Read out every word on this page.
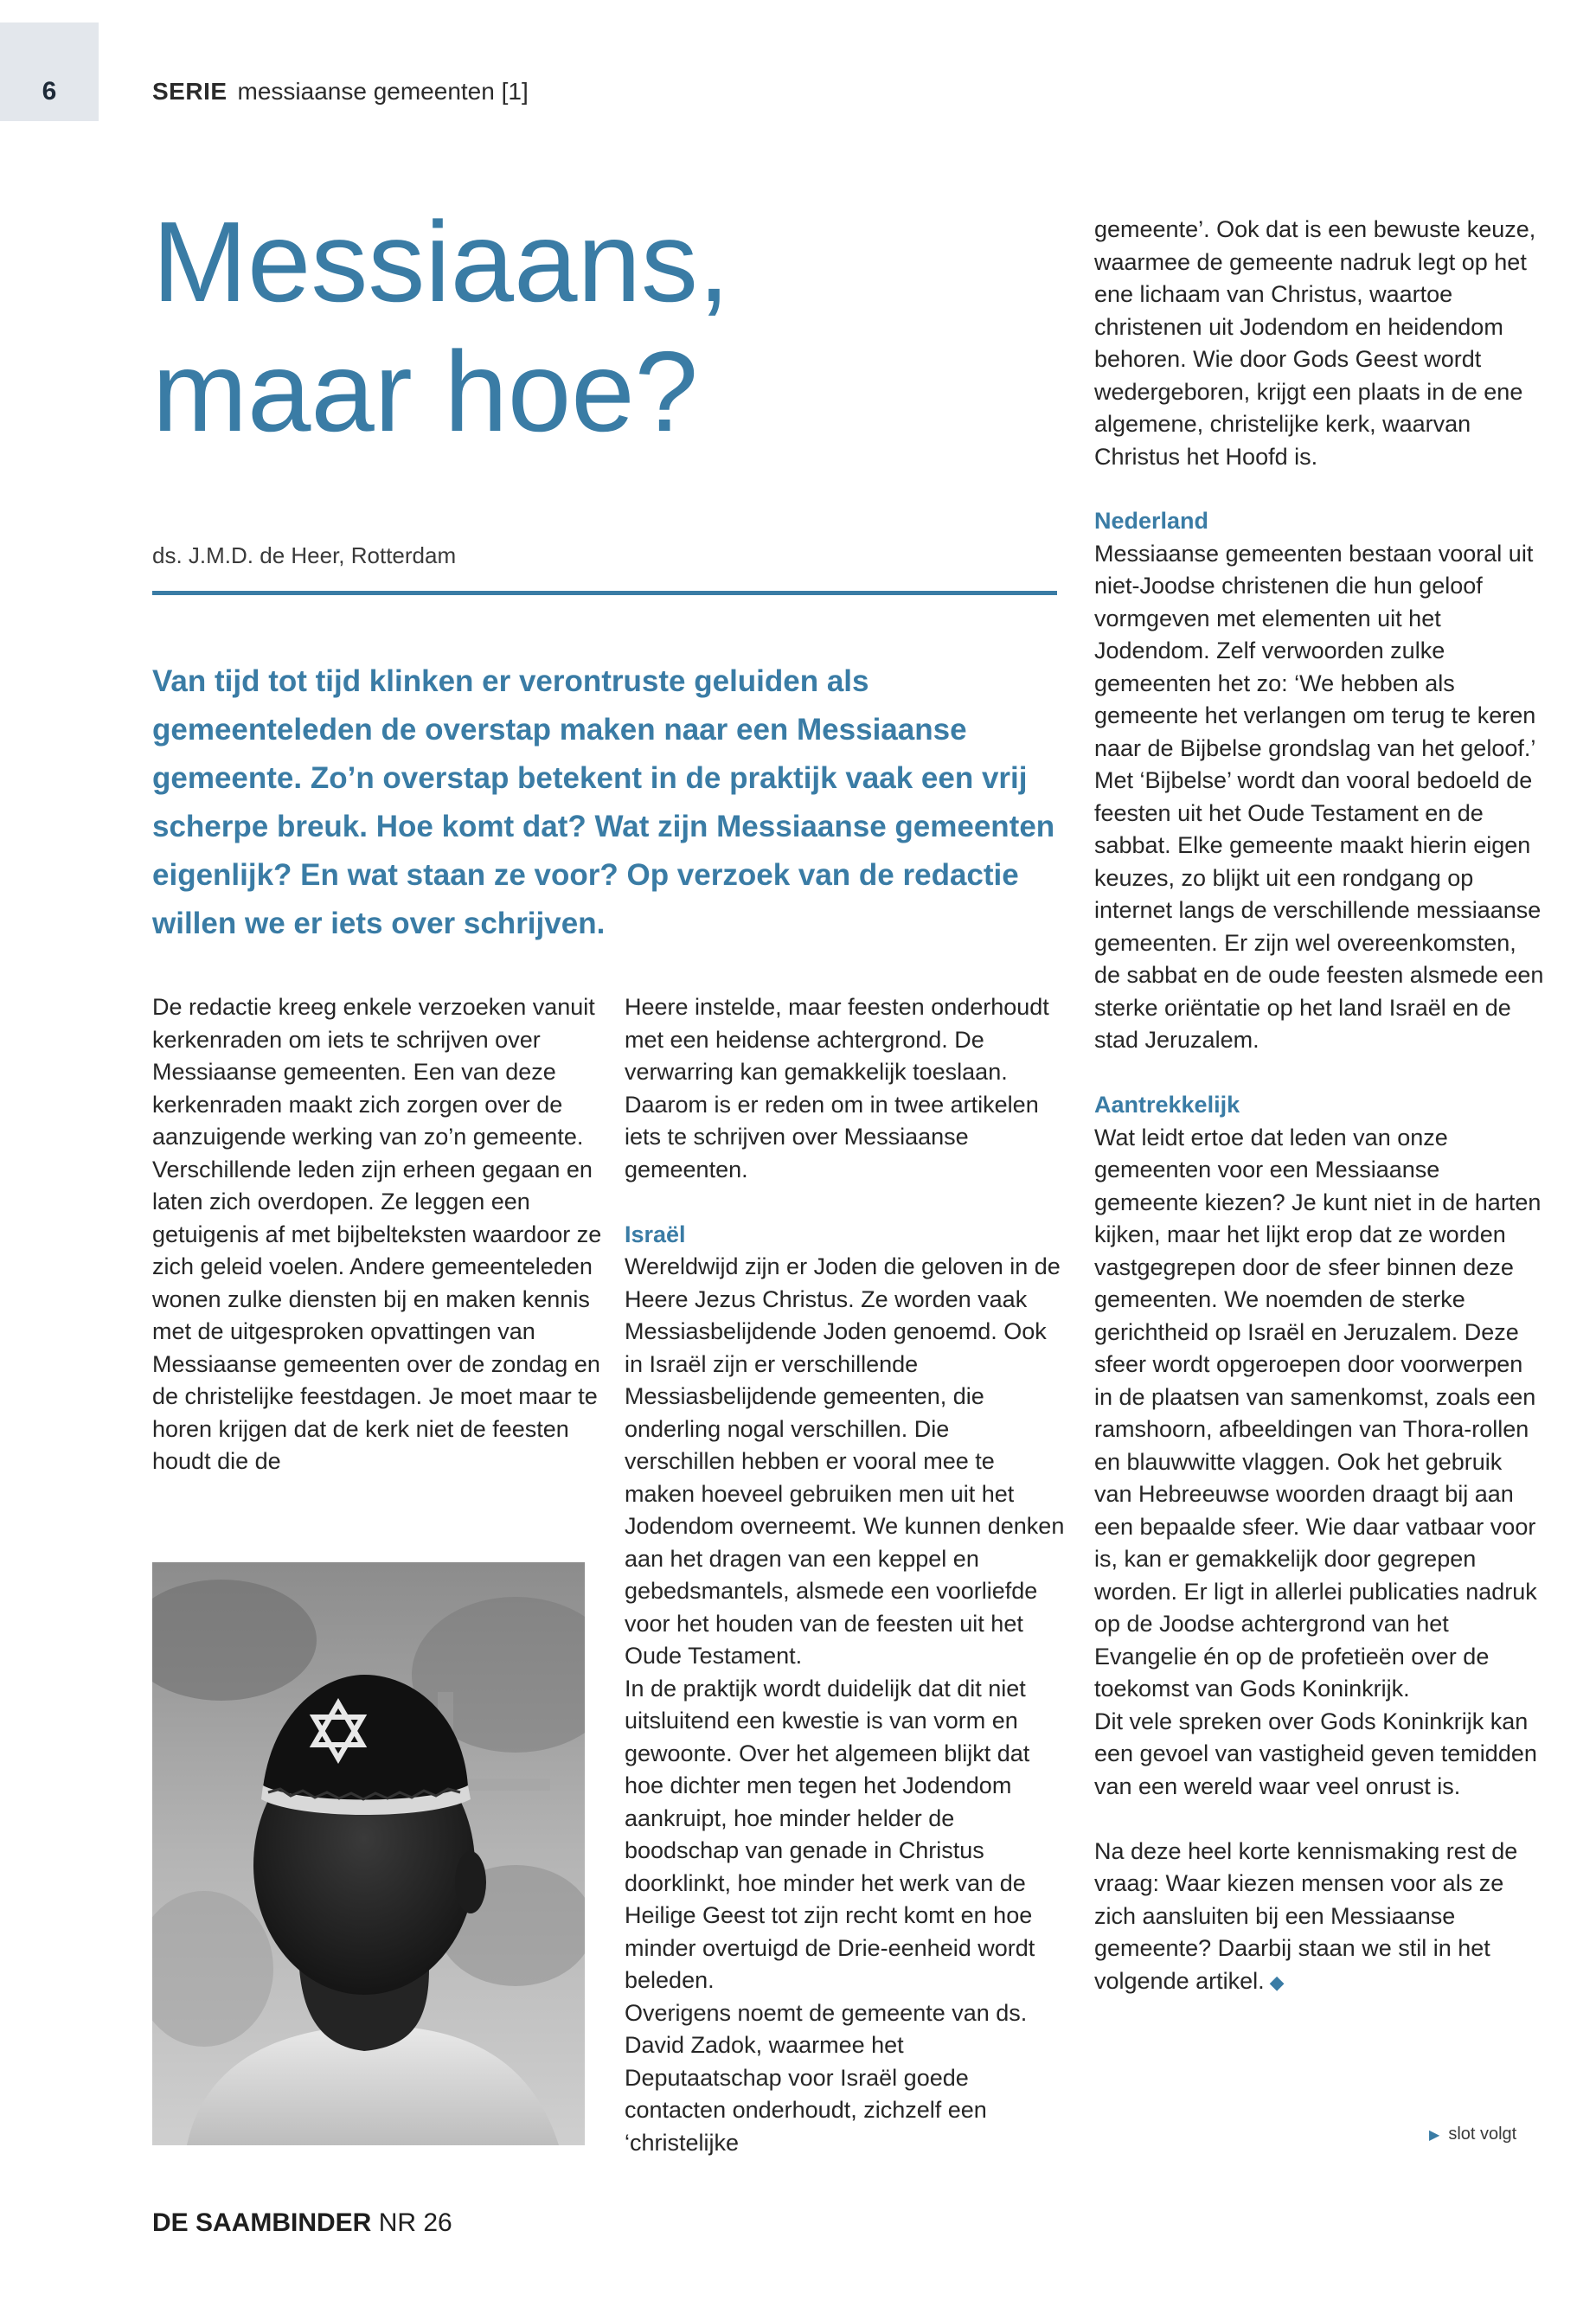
6	SERIE messiaanse gemeenten [1]
Messiaans,
maar hoe?
ds. J.M.D. de Heer, Rotterdam
Van tijd tot tijd klinken er verontruste geluiden als gemeenteleden de overstap maken naar een Messiaanse gemeente. Zo’n overstap betekent in de praktijk vaak een vrij scherpe breuk. Hoe komt dat? Wat zijn Messiaanse gemeenten eigenlijk? En wat staan ze voor? Op verzoek van de redactie willen we er iets over schrijven.

De redactie kreeg enkele verzoeken vanuit kerkenraden om iets te schrijven over Messiaanse gemeenten. Een van deze kerkenraden maakt zich zorgen over de aanzuigende werking van zo’n gemeente. Verschillende leden zijn erheen gegaan en laten zich overdopen. Ze leggen een getuigenis af met bijbelteksten waardoor ze zich geleid voelen. Andere gemeenteleden wonen zulke diensten bij en maken kennis met de uitgesproken opvattingen van Messiaanse gemeenten over de zondag en de christelijke feestdagen. Je moet maar te horen krijgen dat de kerk niet de feesten houdt die de

Heere instelde, maar feesten onderhoudt met een heidense achtergrond. De verwarring kan gemakkelijk toeslaan. Daarom is er reden om in twee artikelen iets te schrijven over Messiaanse gemeenten.

Israël

Wereldwijd zijn er Joden die geloven in de Heere Jezus Christus. Ze worden vaak Messiasbelijdende Joden genoemd. Ook in Israël zijn er verschillende Messiasbelijdende gemeenten, die onderling nogal verschillen. Die verschillen hebben er vooral mee te maken hoeveel gebruiken men uit het Jodendom overneemt. We kunnen denken aan het dragen van een keppel en gebedsmantels, alsmede een voorliefde voor het houden van de feesten uit het Oude Testament.

In de praktijk wordt duidelijk dat dit niet uitsluitend een kwestie is van vorm en gewoonte. Over het algemeen blijkt dat hoe dichter men tegen het Jodendom aankruipt, hoe minder helder de boodschap van genade in Christus doorklinkt, hoe minder het werk van de Heilige Geest tot zijn recht komt en hoe minder overtuigd de Drie-eenheid wordt beleden.

Overigens noemt de gemeente van ds. David Zadok, waarmee het Deputaatschap voor Israël goede contacten onderhoudt, zichzelf een ‘christelijke

gemeente’. Ook dat is een bewuste keuze, waarmee de gemeente nadruk legt op het ene lichaam van Christus, waartoe christenen uit Jodendom en heidendom behoren. Wie door Gods Geest wordt wedergeboren, krijgt een plaats in de ene algemene, christelijke kerk, waarvan Christus het Hoofd is.

Nederland

Messiaanse gemeenten bestaan vooral uit niet-Joodse christenen die hun geloof vormgeven met elementen uit het Jodendom. Zelf verwoorden zulke gemeenten het zo: ‘We hebben als gemeente het verlangen om terug te keren naar de Bijbelse grondslag van het geloof.’ Met ‘Bijbelse’ wordt dan vooral bedoeld de feesten uit het Oude Testament en de sabbat. Elke gemeente maakt hierin eigen keuzes, zo blijkt uit een rondgang op internet langs de verschillende messiaanse gemeenten. Er zijn wel overeenkomsten, de sabbat en de oude feesten alsmede een sterke oriëntatie op het land Israël en de stad Jeruzalem.

Aantrekkelijk

Wat leidt ertoe dat leden van onze gemeenten voor een Messiaanse gemeente kiezen? Je kunt niet in de harten kijken, maar het lijkt erop dat ze worden vastgegrepen door de sfeer binnen deze gemeenten. We noemden de sterke gerichtheid op Israël en Jeruzalem. Deze sfeer wordt opgeroepen door voorwerpen in de plaatsen van samenkomst, zoals een ramshoorn, afbeeldingen van Thora-rollen en blauwwitte vlaggen. Ook het gebruik van Hebreeuwse woorden draagt bij aan een bepaalde sfeer. Wie daar vatbaar voor is, kan er gemakkelijk door gegrepen worden. Er ligt in allerlei publicaties nadruk op de Joodse achtergrond van het Evangelie én op de profetieën over de toekomst van Gods Koninkrijk.

Dit vele spreken over Gods Koninkrijk kan een gevoel van vastigheid geven temidden van een wereld waar veel onrust is.

Na deze heel korte kennismaking rest de vraag: Waar kiezen mensen voor als ze zich aansluiten bij een Messiaanse gemeente? Daarbij staan we stil in het volgende artikel. ◆

▶ slot volgt
DE SAAMBINDER NR 26
